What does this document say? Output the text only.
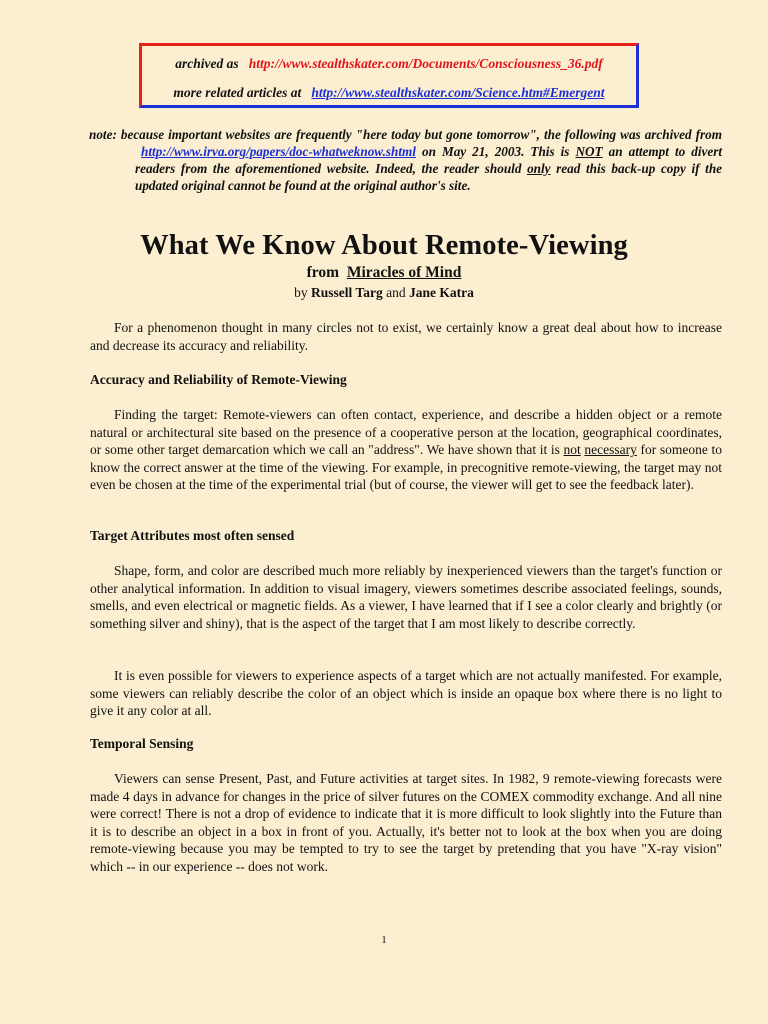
archived as http://www.stealthskater.com/Documents/Consciousness_36.pdf
more related articles at http://www.stealthskater.com/Science.htm#Emergent

note: because important websites are frequently "here today but gone tomorrow", the following was archived from  http://www.irva.org/papers/doc-whatweknow.shtml on May 21, 2003. This is NOT an attempt to divert readers from the aforementioned website. Indeed, the reader should only read this back-up copy if the updated original cannot be found at the original author's site.

What We Know About Remote-Viewing
from Miracles of Mind
by Russell Targ and Jane Katra

For a phenomenon thought in many circles not to exist, we certainly know a great deal about how to increase and decrease its accuracy and reliability.

Accuracy and Reliability of Remote-Viewing

Finding the target: Remote-viewers can often contact, experience, and describe a hidden object or a remote natural or architectural site based on the presence of a cooperative person at the location, geographical coordinates, or some other target demarcation which we call an "address". We have shown that it is not necessary for someone to know the correct answer at the time of the viewing. For example, in precognitive remote-viewing, the target may not even be chosen at the time of the experimental trial (but of course, the viewer will get to see the feedback later).

Target Attributes most often sensed

Shape, form, and color are described much more reliably by inexperienced viewers than the target's function or other analytical information. In addition to visual imagery, viewers sometimes describe associated feelings, sounds, smells, and even electrical or magnetic fields. As a viewer, I have learned that if I see a color clearly and brightly (or something silver and shiny), that is the aspect of the target that I am most likely to describe correctly.

It is even possible for viewers to experience aspects of a target which are not actually manifested. For example, some viewers can reliably describe the color of an object which is inside an opaque box where there is no light to give it any color at all.

Temporal Sensing

Viewers can sense Present, Past, and Future activities at target sites. In 1982, 9 remote-viewing forecasts were made 4 days in advance for changes in the price of silver futures on the COMEX commodity exchange. And all nine were correct! There is not a drop of evidence to indicate that it is more difficult to look slightly into the Future than it is to describe an object in a box in front of you. Actually, it's better not to look at the box when you are doing remote-viewing because you may be tempted to try to see the target by pretending that you have "X-ray vision" which -- in our experience -- does not work.

1
